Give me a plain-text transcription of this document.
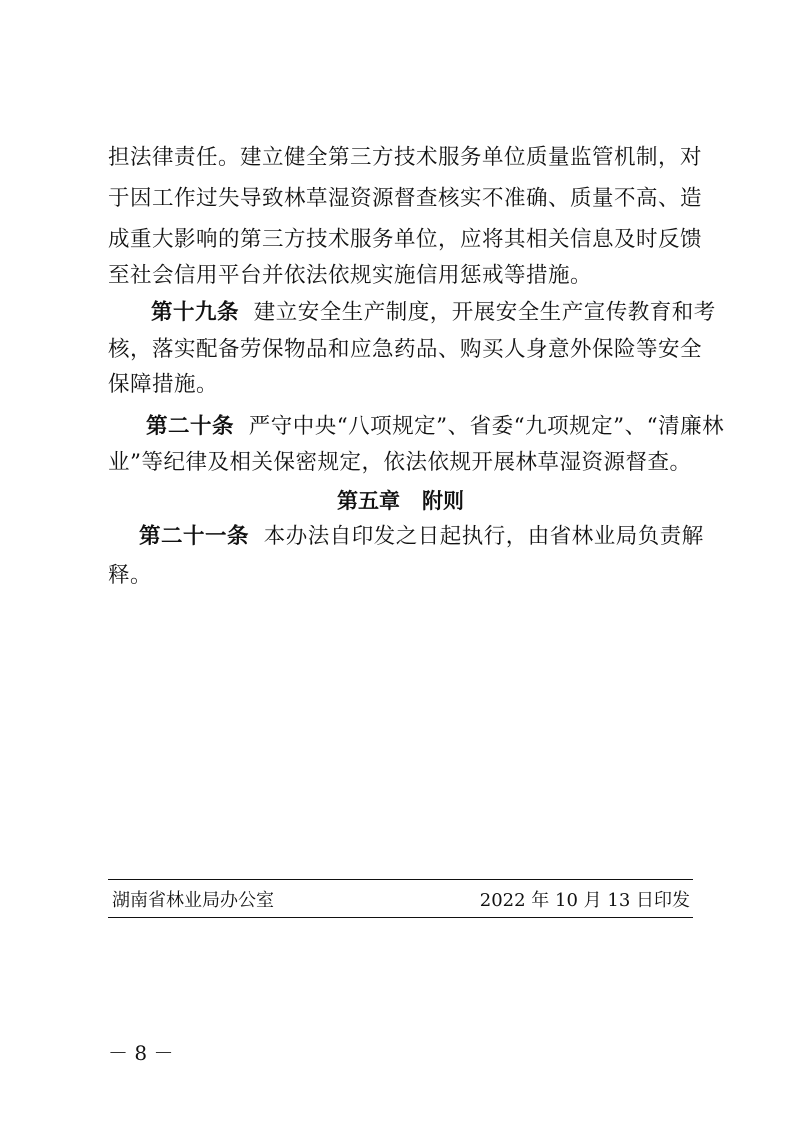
担法律责任。建立健全第三方技术服务单位质量监管机制，对
于因工作过失导致林草湿资源督查核实不准确、质量不高、造
成重大影响的第三方技术服务单位，应将其相关信息及时反馈
至社会信用平台并依法依规实施信用惩戒等措施。
第十九条 建立安全生产制度，开展安全生产宣传教育和考
核，落实配备劳保物品和应急药品、购买人身意外保险等安全
保障措施。
第二十条 严守中央“八项规定”、省委“九项规定”、“清廉林
业”等纪律及相关保密规定，依法依规开展林草湿资源督查。
第五章 附则
第二十一条 本办法自印发之日起执行，由省林业局负责解
释。
湖南省林业局办公室	2022 年 10 月 13 日印发
－ 8 －
